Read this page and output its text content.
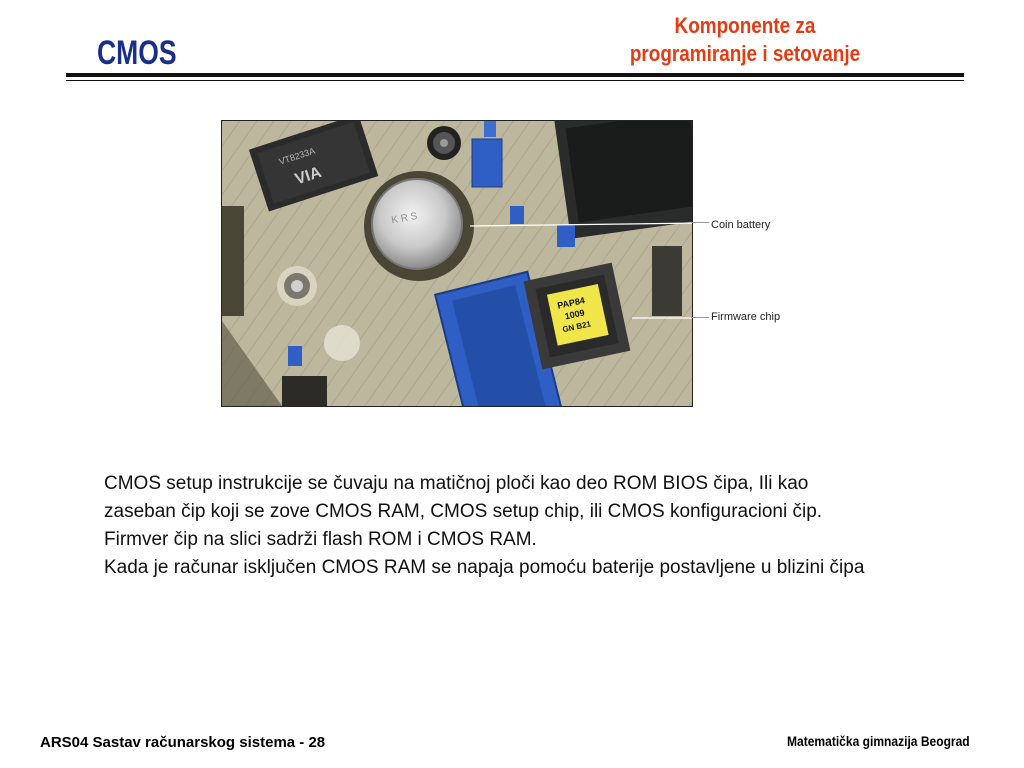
CMOS
Komponente za
programiranje i setovanje
VT8233A
VIA
K R S
PAP84
1009
GN B21
Coin battery
Firmware chip
CMOS setup instrukcije se čuvaju na matičnoj ploči kao deo ROM BIOS čipa, Ili kao
zaseban čip koji se zove CMOS RAM, CMOS setup chip, ili CMOS konfiguracioni čip.
Firmver čip na slici sadrži flash ROM i CMOS RAM.
Kada je računar isključen CMOS RAM se napaja pomoću baterije postavljene u blizini čipa
ARS04 Sastav računarskog sistema - 28	Matematička gimnazija Beograd
